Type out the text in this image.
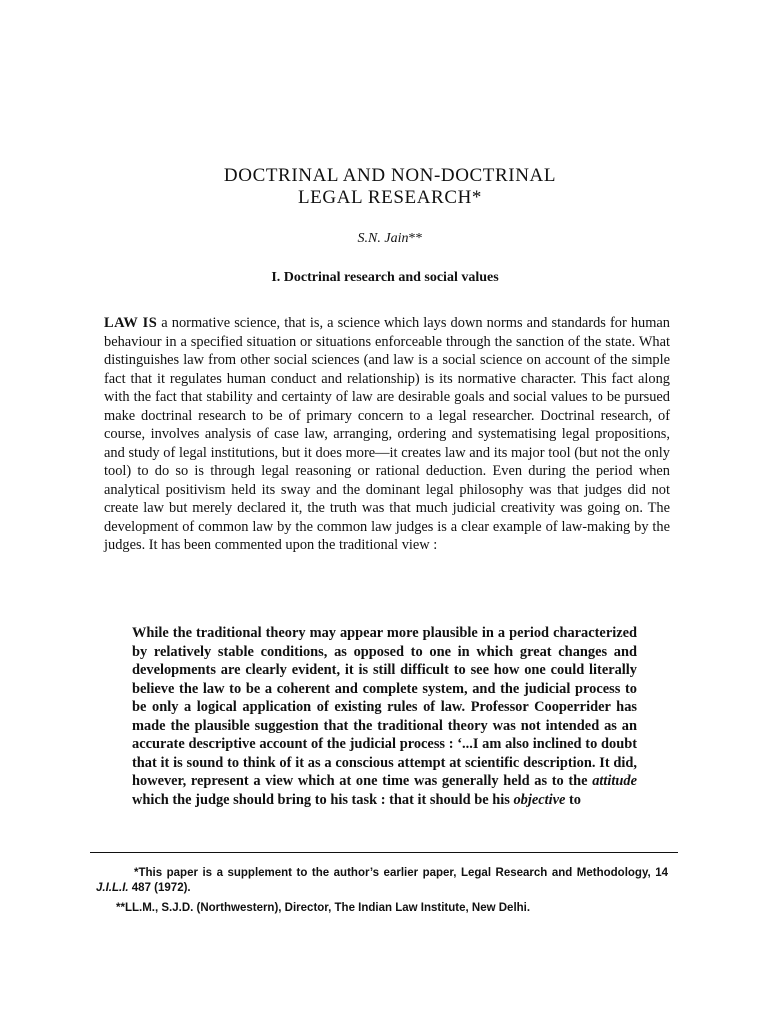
DOCTRINAL AND NON-DOCTRINAL
LEGAL RESEARCH*
S.N. Jain**
I. Doctrinal research and social values

LAW IS a normative science, that is, a science which lays down norms and standards for human behaviour in a specified situation or situations enforceable through the sanction of the state. What distinguishes law from other social sciences (and law is a social science on account of the simple fact that it regulates human conduct and relationship) is its normative character. This fact along with the fact that stability and certainty of law are desirable goals and social values to be pursued make doctrinal research to be of primary concern to a legal researcher. Doctrinal research, of course, involves analysis of case law, arranging, ordering and systematising legal propositions, and study of legal institutions, but it does more—it creates law and its major tool (but not the only tool) to do so is through legal reasoning or rational deduction. Even during the period when analytical positivism held its sway and the dominant legal philosophy was that judges did not create law but merely declared it, the truth was that much judicial creativity was going on. The development of common law by the common law judges is a clear example of law-making by the judges. It has been commented upon the traditional view :

While the traditional theory may appear more plausible in a period characterized by relatively stable conditions, as opposed to one in which great changes and developments are clearly evident, it is still difficult to see how one could literally believe the law to be a coherent and complete system, and the judicial process to be only a logical application of existing rules of law. Professor Cooperrider has made the plausible suggestion that the traditional theory was not intended as an accurate descriptive account of the judicial process : ‘...I am also inclined to doubt that it is sound to think of it as a conscious attempt at scientific description. It did, however, represent a view which at one time was generally held as to the attitude which the judge should bring to his task : that it should be his objective to

*This paper is a supplement to the author’s earlier paper, Legal Research and Methodology, 14 J.I.L.I. 487 (1972).

**LL.M., S.J.D. (Northwestern), Director, The Indian Law Institute, New Delhi.
